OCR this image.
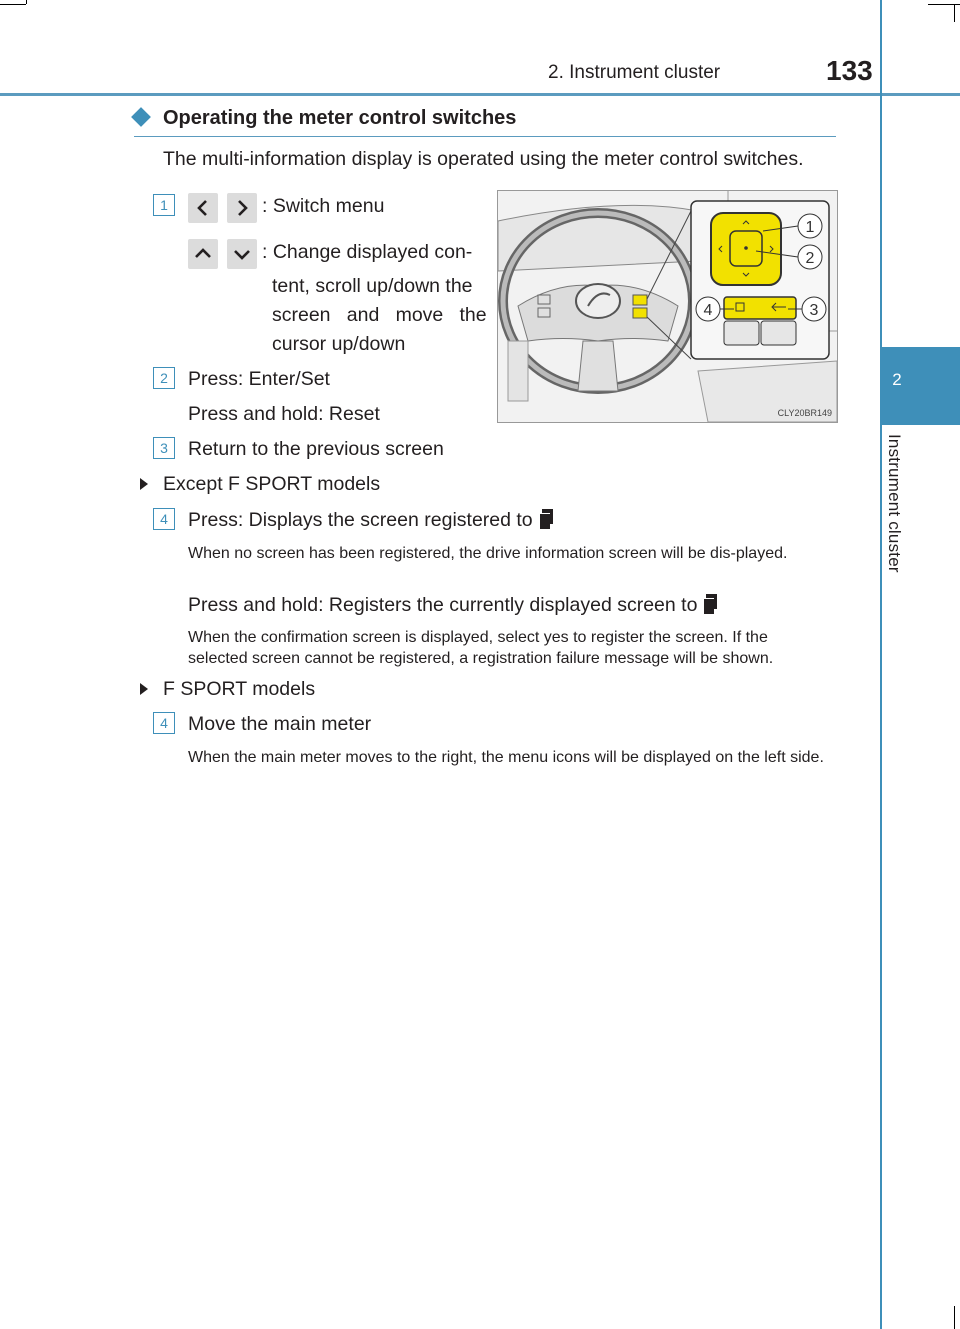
2. Instrument cluster	133
2
Instrument cluster
Operating the meter control switches
The multi-information display is operated using the meter control switches.
1	: Switch menu
: Change displayed con-
tent, scroll up/down the
screen   and   move   the
cursor up/down
2	Press: Enter/Set
Press and hold: Reset
3	Return to the previous screen
Except F SPORT models
4	Press: Displays the screen registered to
When no screen has been registered, the drive information screen will be dis-played.
Press and hold: Registers the currently displayed screen to
When the confirmation screen is displayed, select yes to register the screen. If the selected screen cannot be registered, a registration failure message will be shown.
F SPORT models
4	Move the main meter
When the main meter moves to the right, the menu icons will be displayed on the left side.
1
2
3
4
CLY20BR149
